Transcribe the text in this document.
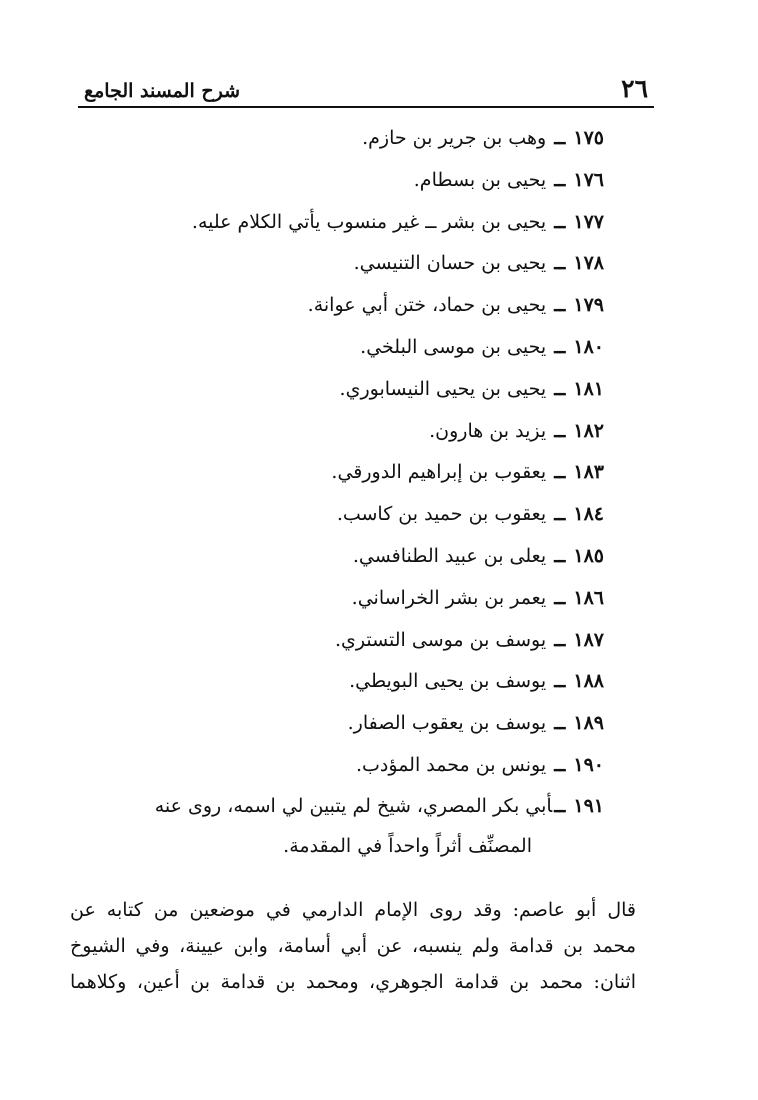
٢٦
شرح المسند الجامع
١٧٥ ــ وهب بن جرير بن حازم.
١٧٦ ــ يحيى بن بسطام.
١٧٧ ــ يحيى بن بشر ــ غير منسوب يأتي الكلام عليه.
١٧٨ ــ يحيى بن حسان التنيسي.
١٧٩ ــ يحيى بن حماد، ختن أبي عوانة.
١٨٠ ــ يحيى بن موسى البلخي.
١٨١ ــ يحيى بن يحيى النيسابوري.
١٨٢ ــ يزيد بن هارون.
١٨٣ ــ يعقوب بن إبراهيم الدورقي.
١٨٤ ــ يعقوب بن حميد بن كاسب.
١٨٥ ــ يعلى بن عبيد الطنافسي.
١٨٦ ــ يعمر بن بشر الخراساني.
١٨٧ ــ يوسف بن موسى التستري.
١٨٨ ــ يوسف بن يحيى البويطي.
١٨٩ ــ يوسف بن يعقوب الصفار.
١٩٠ ــ يونس بن محمد المؤدب.
١٩١ ــأبي بكر المصري، شيخ لم يتبين لي اسمه، روى عنه
المصنِّف أثراً واحداً في المقدمة.
قال أبو عاصم: وقد روى الإمام الدارمي في موضعين من كتابه عن
محمد بن قدامة ولم ينسبه، عن أبي أسامة، وابن عيينة، وفي الشيوخ
اثنان: محمد بن قدامة الجوهري، ومحمد بن قدامة بن أعين، وكلاهما
